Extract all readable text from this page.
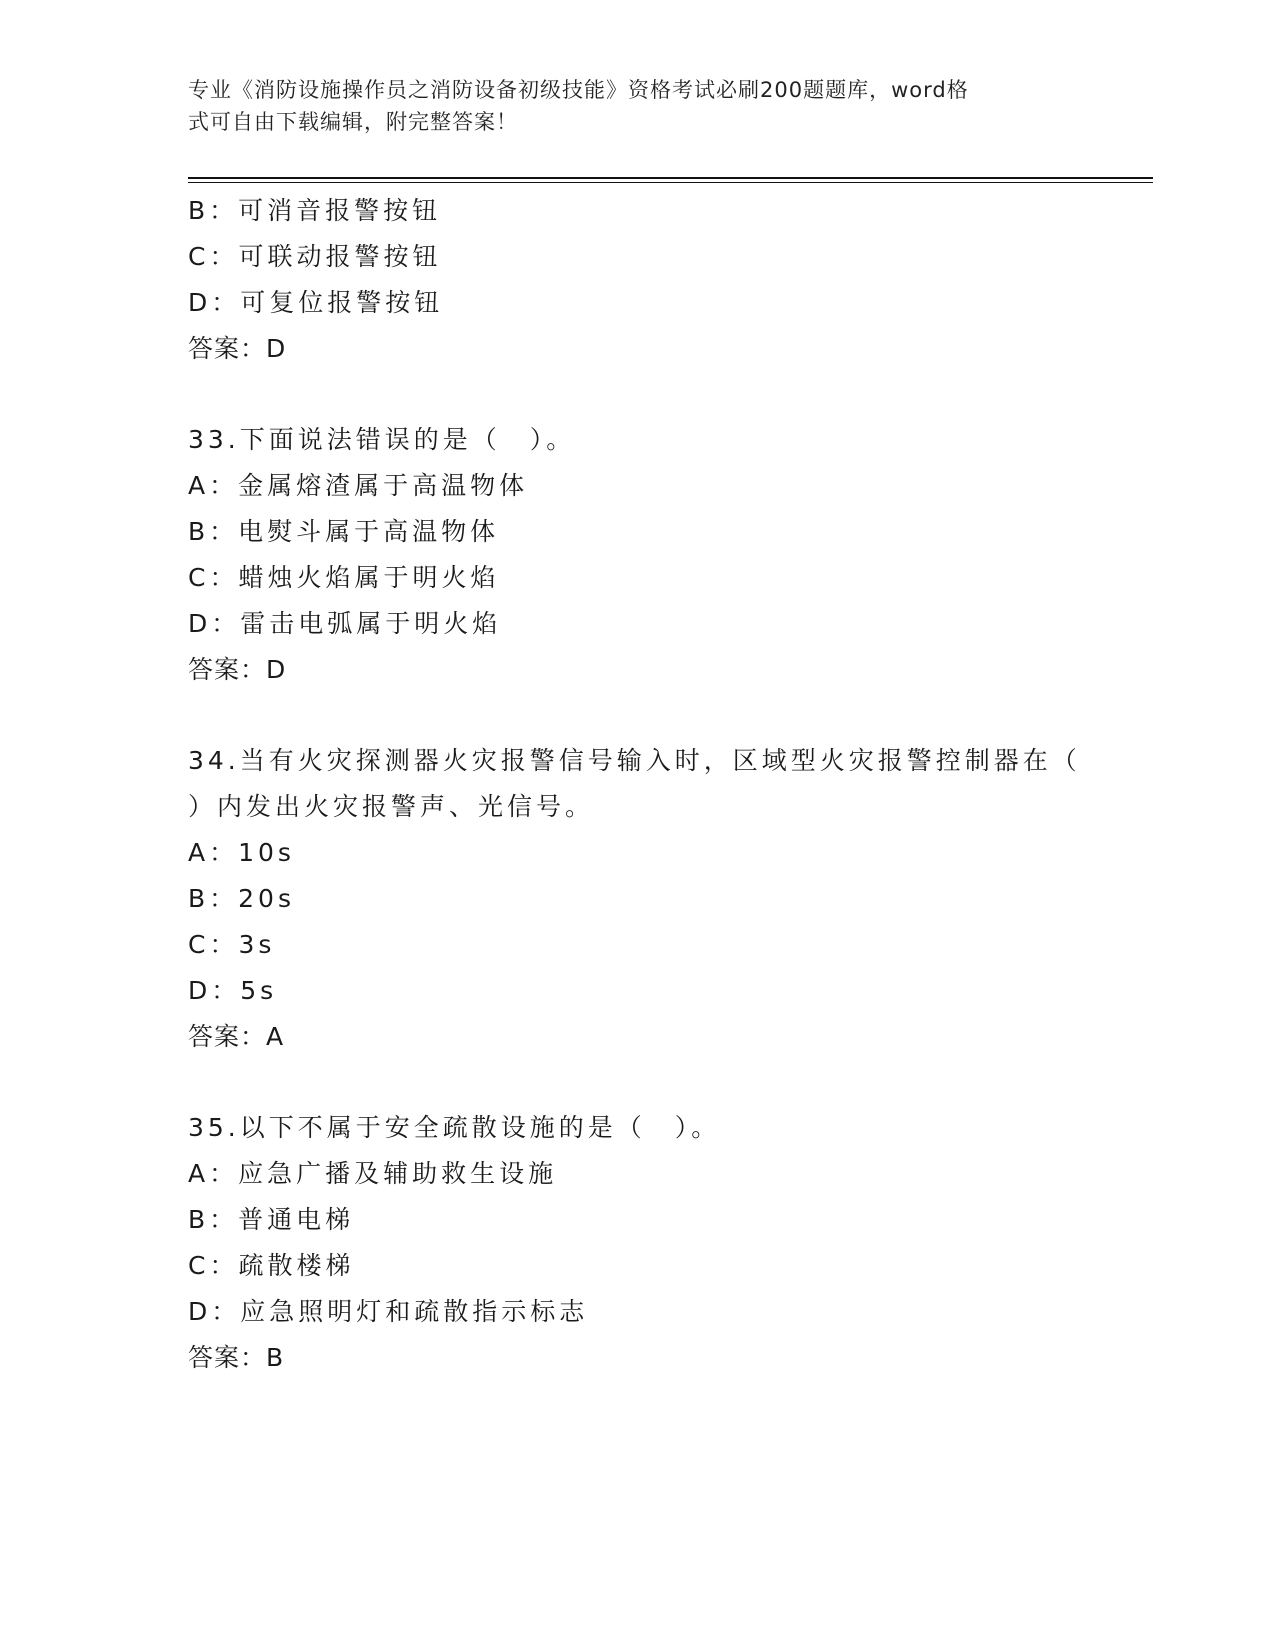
专业《消防设施操作员之消防设备初级技能》资格考试必刷200题题库，word格
式可自由下载编辑，附完整答案！
B：可消音报警按钮
C：可联动报警按钮
D：可复位报警按钮
答案：D
33.下面说法错误的是（　）。
A：金属熔渣属于高温物体
B：电熨斗属于高温物体
C：蜡烛火焰属于明火焰
D：雷击电弧属于明火焰
答案：D
34.当有火灾探测器火灾报警信号输入时，区域型火灾报警控制器在（
）内发出火灾报警声、光信号。
A：10s
B：20s
C：3s
D：5s
答案：A
35.以下不属于安全疏散设施的是（　）。
A：应急广播及辅助救生设施
B：普通电梯
C：疏散楼梯
D：应急照明灯和疏散指示标志
答案：B
